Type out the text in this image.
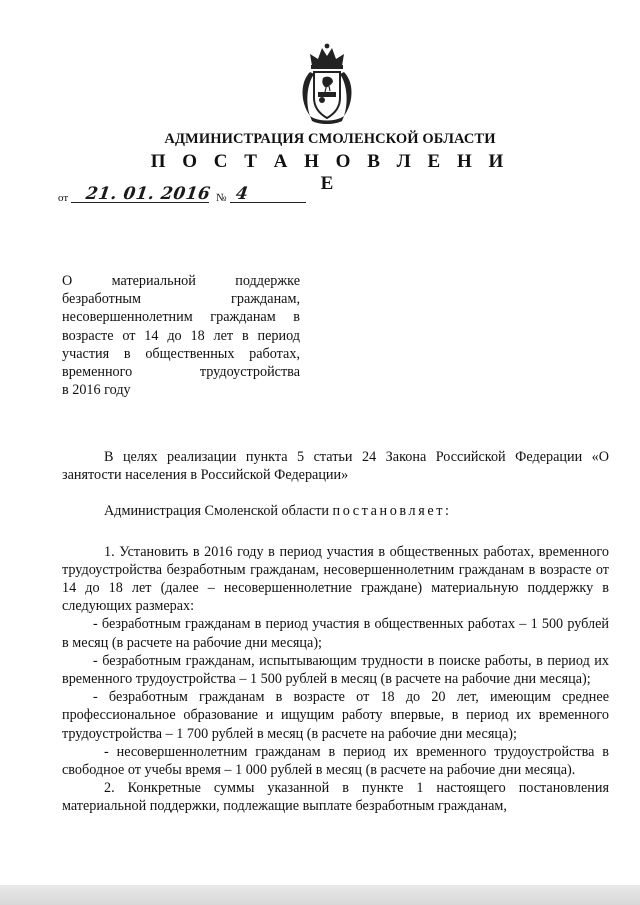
АДМИНИСТРАЦИЯ СМОЛЕНСКОЙ ОБЛАСТИ
П О С Т А Н О В Л Е Н И Е
от 21. 01. 2016 № 4
О материальной поддержке
безработным гражданам,
несовершеннолетним гражданам в
возрасте от 14 до 18 лет в период
участия в общественных работах,
временного трудоустройства
в 2016 году

В целях реализации пункта 5 статьи 24 Закона Российской Федерации «О занятости населения в Российской Федерации»

Администрация Смоленской области постановляет:

1. Установить в 2016 году в период участия в общественных работах, временного трудоустройства безработным гражданам, несовершеннолетним гражданам в возрасте от 14 до 18 лет (далее – несовершеннолетние граждане) материальную поддержку в следующих размерах:

- безработным гражданам в период участия в общественных работах – 1 500 рублей в месяц (в расчете на рабочие дни месяца);

- безработным гражданам, испытывающим трудности в поиске работы, в период их временного трудоустройства – 1 500 рублей в месяц (в расчете на рабочие дни месяца);

- безработным гражданам в возрасте от 18 до 20 лет, имеющим среднее профессиональное образование и ищущим работу впервые, в период их временного трудоустройства – 1 700 рублей в месяц (в расчете на рабочие дни месяца);

- несовершеннолетним гражданам в период их временного трудоустройства в свободное от учебы время – 1 000 рублей в месяц (в расчете на рабочие дни месяца).

2. Конкретные суммы указанной в пункте 1 настоящего постановления материальной поддержки, подлежащие выплате безработным гражданам,
